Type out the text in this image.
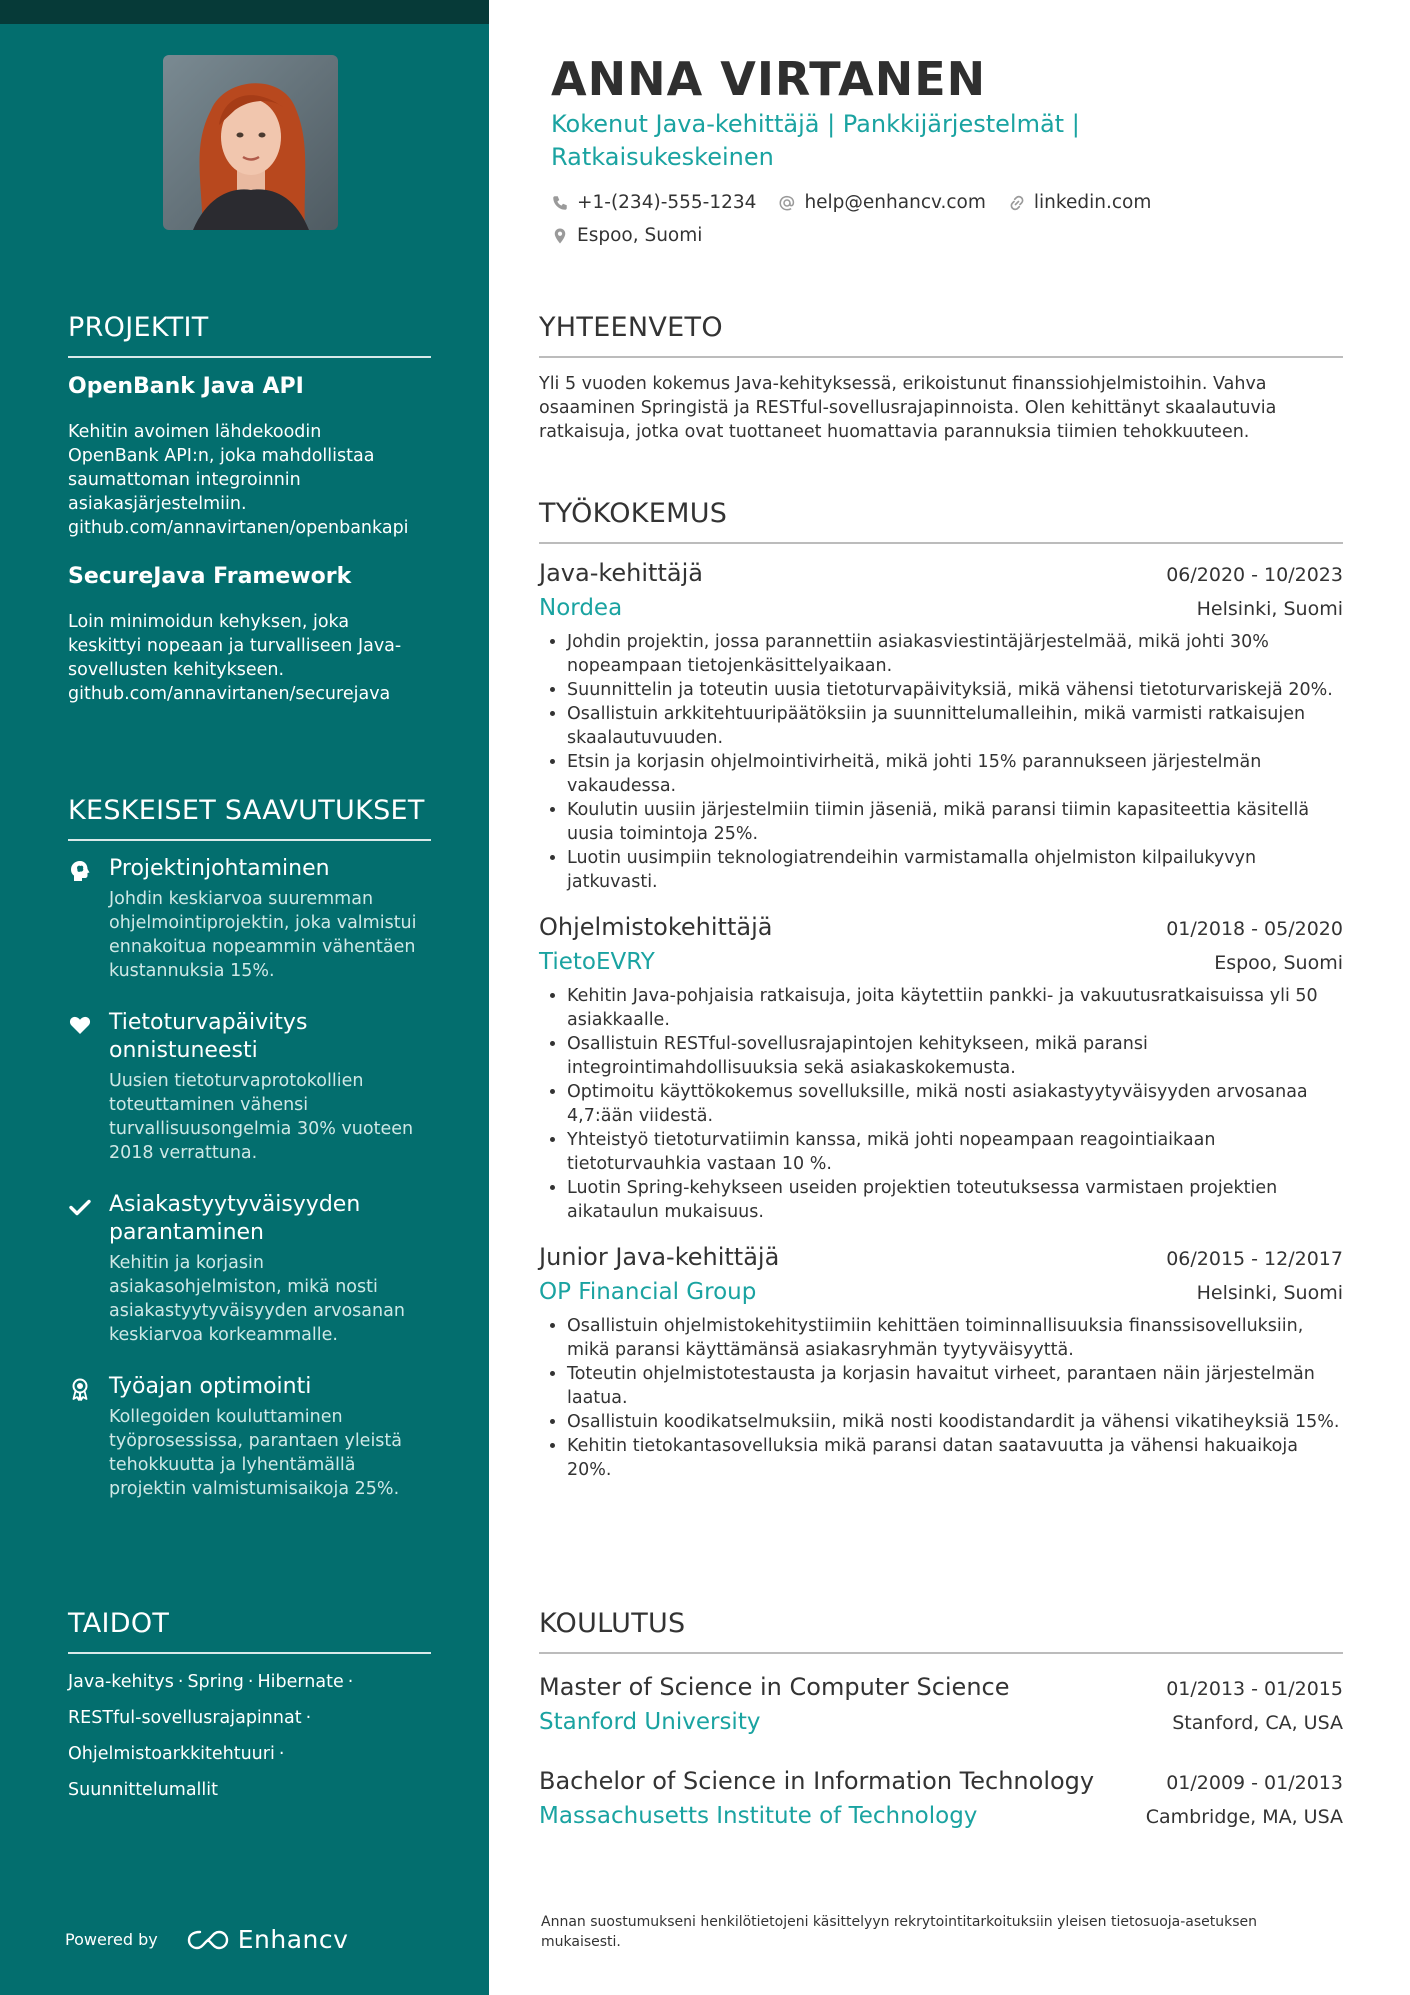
PROJEKTIT
OpenBank Java API
Kehitin avoimen lähdekoodin
OpenBank API:n, joka mahdollistaa
saumattoman integroinnin
asiakasjärjestelmiin.
github.com/annavirtanen/openbankapi
SecureJava Framework
Loin minimoidun kehyksen, joka
keskittyi nopeaan ja turvalliseen Java-
sovellusten kehitykseen.
github.com/annavirtanen/securejava
KESKEISET SAAVUTUKSET
Projektinjohtaminen
Johdin keskiarvoa suuremman ohjelmointiprojektin, joka valmistui ennakoitua nopeammin vähentäen kustannuksia 15%.
Tietoturvapäivitys onnistuneesti
Uusien tietoturvaprotokollien toteuttaminen vähensi turvallisuusongelmia 30% vuoteen 2018 verrattuna.
Asiakastyytyväisyyden parantaminen
Kehitin ja korjasin asiakasohjelmiston, mikä nosti asiakastyytyväisyyden arvosanan keskiarvoa korkeammalle.
Työajan optimointi
Kollegoiden kouluttaminen työprosessissa, parantaen yleistä tehokkuutta ja lyhentämällä projektin valmistumisaikoja 25%.
TAIDOT
Java-kehitys · Spring · Hibernate ·
RESTful-sovellusrajapinnat ·
Ohjelmistoarkkitehtuuri ·
Suunnittelumallit
Powered by	Enhancv
ANNA VIRTANEN
Kokenut Java-kehittäjä | Pankkijärjestelmät | Ratkaisukeskeinen
+1-(234)-555-1234	help@enhancv.com	linkedin.com
Espoo, Suomi
YHTEENVETO
Yli 5 vuoden kokemus Java-kehityksessä, erikoistunut finanssiohjelmistoihin. Vahva osaaminen Springistä ja RESTful-sovellusrajapinnoista. Olen kehittänyt skaalautuvia ratkaisuja, jotka ovat tuottaneet huomattavia parannuksia tiimien tehokkuuteen.
TYÖKOKEMUS
Java-kehittäjä	06/2020 - 10/2023
Nordea	Helsinki, Suomi
• Johdin projektin, jossa parannettiin asiakasviestintäjärjestelmää, mikä johti 30% nopeampaan tietojenkäsittelyaikaan.
• Suunnittelin ja toteutin uusia tietoturvapäivityksiä, mikä vähensi tietoturvariskejä 20%.
• Osallistuin arkkitehtuuripäätöksiin ja suunnittelumalleihin, mikä varmisti ratkaisujen skaalautuvuuden.
• Etsin ja korjasin ohjelmointivirheitä, mikä johti 15% parannukseen järjestelmän vakaudessa.
• Koulutin uusiin järjestelmiin tiimin jäseniä, mikä paransi tiimin kapasiteettia käsitellä uusia toimintoja 25%.
• Luotin uusimpiin teknologiatrendeihin varmistamalla ohjelmiston kilpailukyvyn jatkuvasti.
Ohjelmistokehittäjä	01/2018 - 05/2020
TietoEVRY	Espoo, Suomi
• Kehitin Java-pohjaisia ratkaisuja, joita käytettiin pankki- ja vakuutusratkaisuissa yli 50 asiakkaalle.
• Osallistuin RESTful-sovellusrajapintojen kehitykseen, mikä paransi integrointimahdollisuuksia sekä asiakaskokemusta.
• Optimoitu käyttökokemus sovelluksille, mikä nosti asiakastyytyväisyyden arvosanaa 4,7:ään viidestä.
• Yhteistyö tietoturvatiimin kanssa, mikä johti nopeampaan reagointiaikaan tietoturvauhkia vastaan 10 %.
• Luotin Spring-kehykseen useiden projektien toteutuksessa varmistaen projektien aikataulun mukaisuus.
Junior Java-kehittäjä	06/2015 - 12/2017
OP Financial Group	Helsinki, Suomi
• Osallistuin ohjelmistokehitystiimiin kehittäen toiminnallisuuksia finanssisovelluksiin, mikä paransi käyttämänsä asiakasryhmän tyytyväisyyttä.
• Toteutin ohjelmistotestausta ja korjasin havaitut virheet, parantaen näin järjestelmän laatua.
• Osallistuin koodikatselmuksiin, mikä nosti koodistandardit ja vähensi vikatiheyksiä 15%.
• Kehitin tietokantasovelluksia mikä paransi datan saatavuutta ja vähensi hakuaikoja 20%.
KOULUTUS
Master of Science in Computer Science	01/2013 - 01/2015
Stanford University	Stanford, CA, USA
Bachelor of Science in Information Technology	01/2009 - 01/2013
Massachusetts Institute of Technology	Cambridge, MA, USA
Annan suostumukseni henkilötietojeni käsittelyyn rekrytointitarkoituksiin yleisen tietosuoja-asetuksen mukaisesti.
